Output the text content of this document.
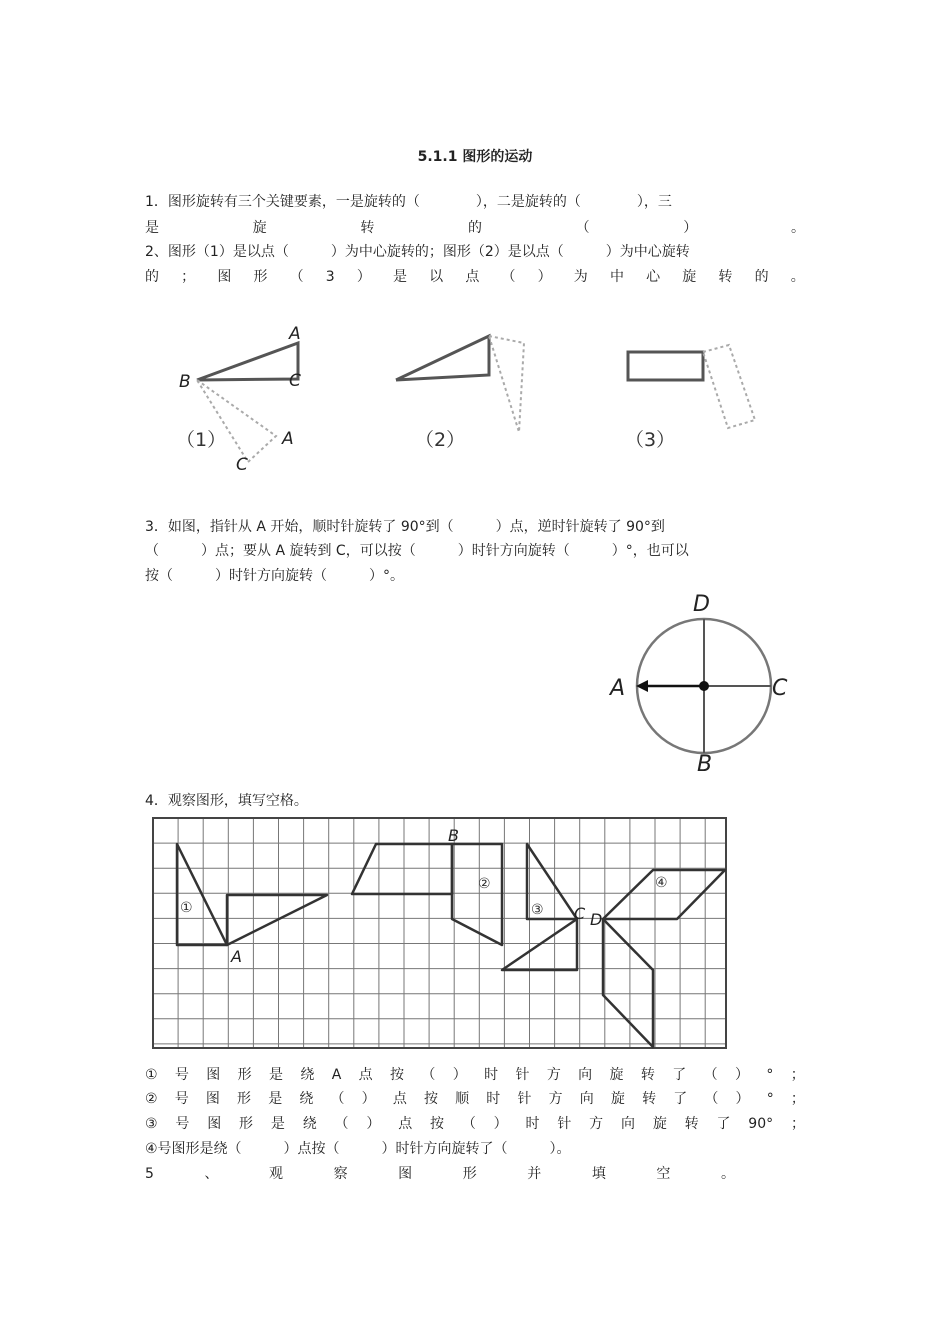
5.1.1 图形的运动
1．图形旋转有三个关键要素，一是旋转的（　　　　），二是旋转的（　　　　），三
是	旋	转	的	（	）	。
2、图形（1）是以点（　　　）为中心旋转的；图形（2）是以点（　　　）为中心旋转
的 ； 图 形 （ 3 ） 是 以 点 （ ） 为 中 心 旋 转 的 。
A
B	C
A
C
（1）	（2）	（3）
3．如图，指针从 A 开始，顺时针旋转了 90°到（　　　）点，逆时针旋转了 90°到
（　　　）点；要从 A 旋转到 C，可以按（　　　）时针方向旋转（　　　）°，也可以
按（　　　）时针方向旋转（　　　）°。
D
A	C
B
4．观察图形，填写空格。
A
B
C D
①
②
③
④
① 号 图 形 是 绕 A 点 按 （ ） 时 针 方 向 旋 转 了 （ ） ° ；
② 号 图 形 是 绕 （ ） 点 按 顺 时 针 方 向 旋 转 了 （ ） ° ；
③ 号 图 形 是 绕 （ ） 点 按 （ ） 时 针 方 向 旋 转 了 90° ；
④号图形是绕（　　　）点按（　　　）时针方向旋转了（　　　）。
5	、	观	察	图	形	并	填	空	。
